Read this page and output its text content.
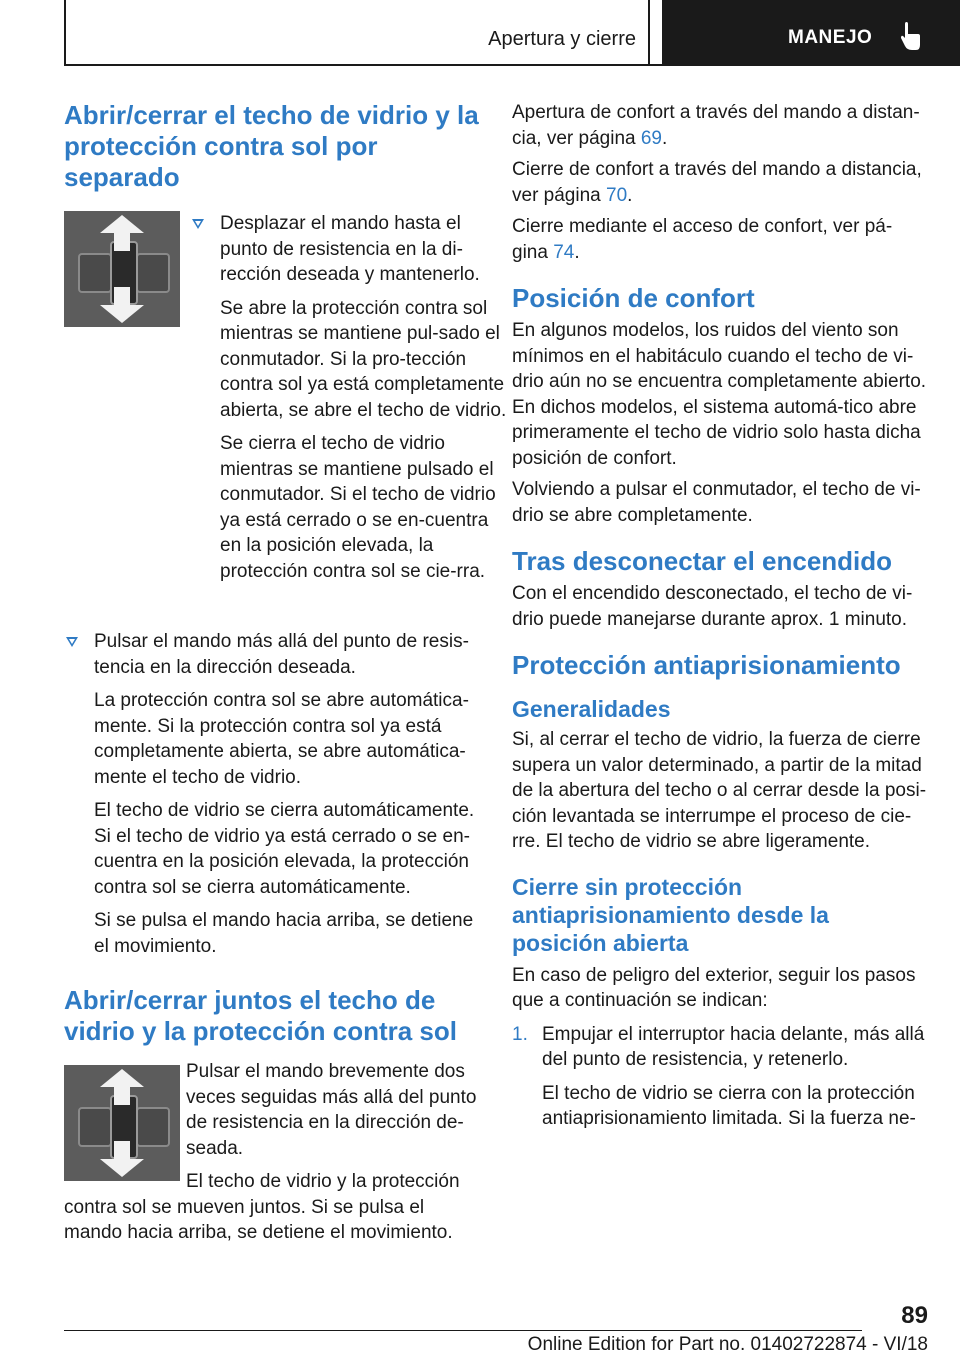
Apertura y cierre	MANEJO
Abrir/cerrar el techo de vidrio y la protección contra sol por separado

Desplazar el mando hasta el punto de resistencia en la di-rección deseada y mantenerlo.

Se abre la protección contra sol mientras se mantiene pul-sado el conmutador. Si la pro-tección contra sol ya está completamente abierta, se abre el techo de vidrio.

Se cierra el techo de vidrio mientras se mantiene pulsado el conmutador. Si el techo de vidrio ya está cerrado o se en-cuentra en la posición elevada, la protección contra sol se cie-rra.

Pulsar el mando más allá del punto de resis-tencia en la dirección deseada.

La protección contra sol se abre automática-mente. Si la protección contra sol ya está completamente abierta, se abre automática-mente el techo de vidrio.

El techo de vidrio se cierra automáticamente. Si el techo de vidrio ya está cerrado o se en-cuentra en la posición elevada, la protección contra sol se cierra automáticamente.

Si se pulsa el mando hacia arriba, se detiene el movimiento.

Abrir/cerrar juntos el techo de vidrio y la protección contra sol

Pulsar el mando brevemente dos veces seguidas más allá del punto de resistencia en la dirección de-seada.

El techo de vidrio y la protección

contra sol se mueven juntos. Si se pulsa el mando hacia arriba, se detiene el movimiento.

Apertura de confort a través del mando a distan-cia, ver página 69.

Cierre de confort a través del mando a distancia, ver página 70.

Cierre mediante el acceso de confort, ver pá-gina 74.

Posición de confort

En algunos modelos, los ruidos del viento son mínimos en el habitáculo cuando el techo de vi-drio aún no se encuentra completamente abierto. En dichos modelos, el sistema automá-tico abre primeramente el techo de vidrio solo hasta dicha posición de confort.

Volviendo a pulsar el conmutador, el techo de vi-drio se abre completamente.

Tras desconectar el encendido

Con el encendido desconectado, el techo de vi-drio puede manejarse durante aprox. 1 minuto.

Protección antiaprisionamiento
Generalidades

Si, al cerrar el techo de vidrio, la fuerza de cierre supera un valor determinado, a partir de la mitad de la abertura del techo o al cerrar desde la posi-ción levantada se interrumpe el proceso de cie-rre. El techo de vidrio se abre ligeramente.

Cierre sin protección antiaprisionamiento desde la posición abierta

En caso de peligro del exterior, seguir los pasos que a continuación se indican:

1. Empujar el interruptor hacia delante, más allá del punto de resistencia, y retenerlo.

El techo de vidrio se cierra con la protección antiaprisionamiento limitada. Si la fuerza ne-

89
Online Edition for Part no. 01402722874 - VI/18
